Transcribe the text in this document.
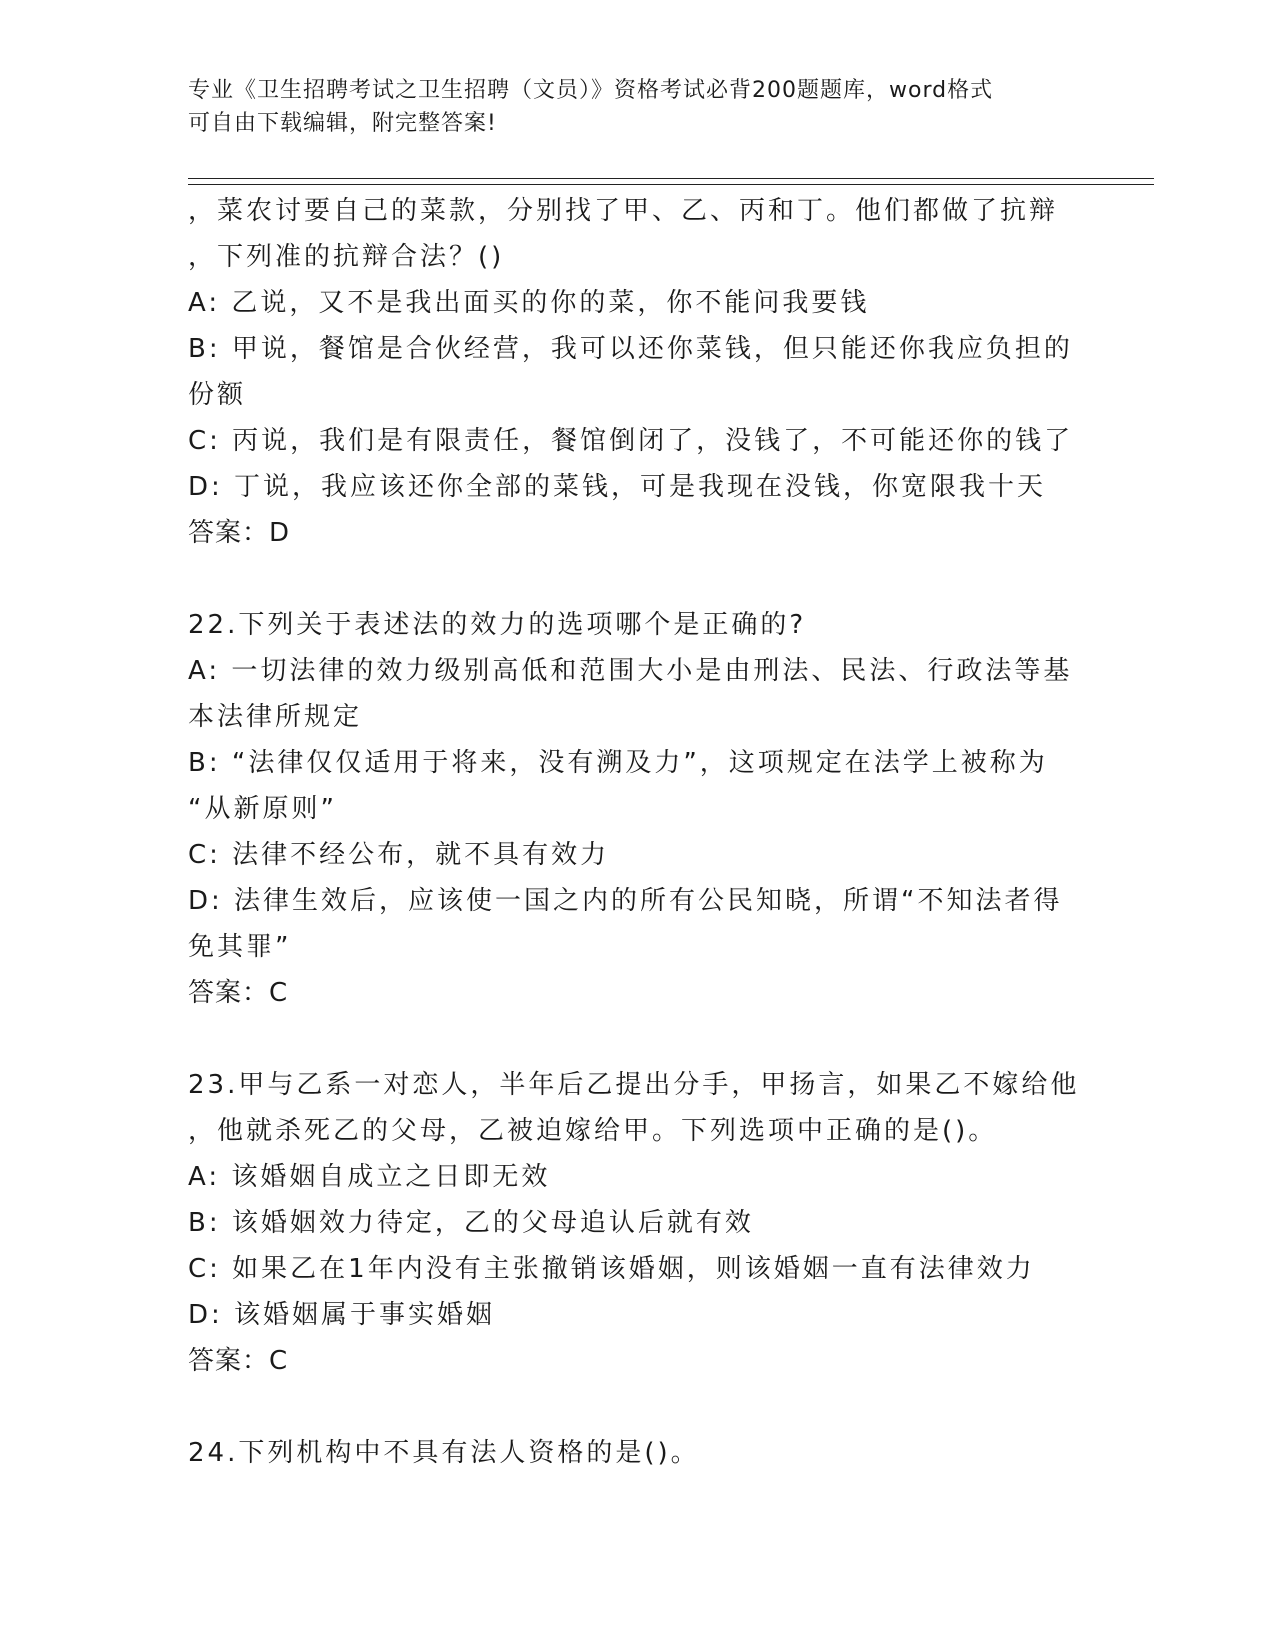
专业《卫生招聘考试之卫生招聘（文员）》资格考试必背200题题库，word格式
可自由下载编辑，附完整答案!
，菜农讨要自己的菜款，分别找了甲、乙、丙和丁。他们都做了抗辩
，下列准的抗辩合法？()
A: 乙说，又不是我出面买的你的菜，你不能问我要钱
B: 甲说，餐馆是合伙经营，我可以还你菜钱，但只能还你我应负担的
份额
C: 丙说，我们是有限责任，餐馆倒闭了，没钱了，不可能还你的钱了
D: 丁说，我应该还你全部的菜钱，可是我现在没钱，你宽限我十天
答案：D
22.下列关于表述法的效力的选项哪个是正确的?
A: 一切法律的效力级别高低和范围大小是由刑法、民法、行政法等基
本法律所规定
B: “法律仅仅适用于将来，没有溯及力”，这项规定在法学上被称为
“从新原则”
C: 法律不经公布，就不具有效力
D: 法律生效后，应该使一国之内的所有公民知晓，所谓“不知法者得
免其罪”
答案：C
23.甲与乙系一对恋人，半年后乙提出分手，甲扬言，如果乙不嫁给他
，他就杀死乙的父母，乙被迫嫁给甲。下列选项中正确的是()。
A: 该婚姻自成立之日即无效
B: 该婚姻效力待定，乙的父母追认后就有效
C: 如果乙在1年内没有主张撤销该婚姻，则该婚姻一直有法律效力
D: 该婚姻属于事实婚姻
答案：C
24.下列机构中不具有法人资格的是()。
